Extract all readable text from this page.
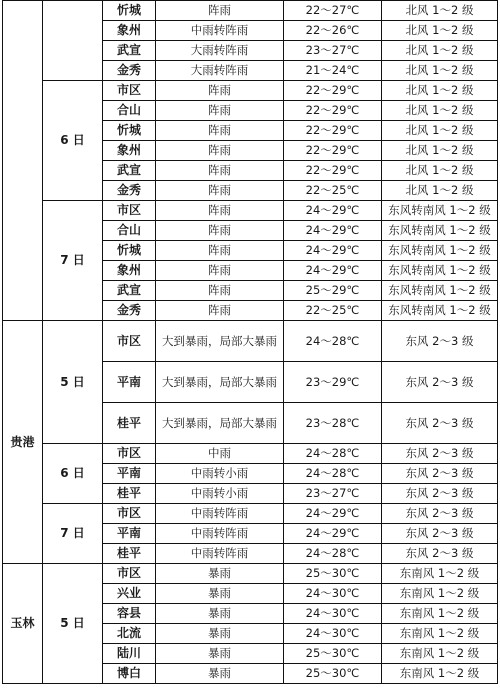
		忻城	阵雨	22～27℃	北风 1～2 级
		象州	中雨转阵雨	22～26℃	北风 1～2 级
		武宣	大雨转阵雨	23～27℃	北风 1～2 级
		金秀	大雨转阵雨	21～24℃	北风 1～2 级
	6 日	市区	阵雨	22～29℃	北风 1～2 级
		合山	阵雨	22～29℃	北风 1～2 级
		忻城	阵雨	22～29℃	北风 1～2 级
		象州	阵雨	22～29℃	北风 1～2 级
		武宣	阵雨	22～29℃	北风 1～2 级
		金秀	阵雨	22～25℃	北风 1～2 级
	7 日	市区	阵雨	24～29℃	东风转南风 1～2 级
		合山	阵雨	24～29℃	东风转南风 1～2 级
		忻城	阵雨	24～29℃	东风转南风 1～2 级
		象州	阵雨	24～29℃	东风转南风 1～2 级
		武宣	阵雨	25～29℃	东风转南风 1～2 级
		金秀	阵雨	22～25℃	东风转南风 1～2 级
贵港	5 日	市区	大到暴雨，局部大暴雨	24～28℃	东风 2～3 级
		平南	大到暴雨，局部大暴雨	23～29℃	东风 2～3 级
		桂平	大到暴雨，局部大暴雨	23～28℃	东风 2～3 级
	6 日	市区	中雨	24～28℃	东风 2～3 级
		平南	中雨转小雨	24～28℃	东风 2～3 级
		桂平	中雨转小雨	23～27℃	东风 2～3 级
	7 日	市区	中雨转阵雨	24～29℃	东风 2～3 级
		平南	中雨转阵雨	24～29℃	东风 2～3 级
		桂平	中雨转阵雨	24～28℃	东风 2～3 级
玉林	5 日	市区	暴雨	25～30℃	东南风 1～2 级
		兴业	暴雨	24～30℃	东南风 1～2 级
		容县	暴雨	24～30℃	东南风 1～2 级
		北流	暴雨	24～30℃	东南风 1～2 级
		陆川	暴雨	25～30℃	东南风 1～2 级
		博白	暴雨	25～30℃	东南风 1～2 级
